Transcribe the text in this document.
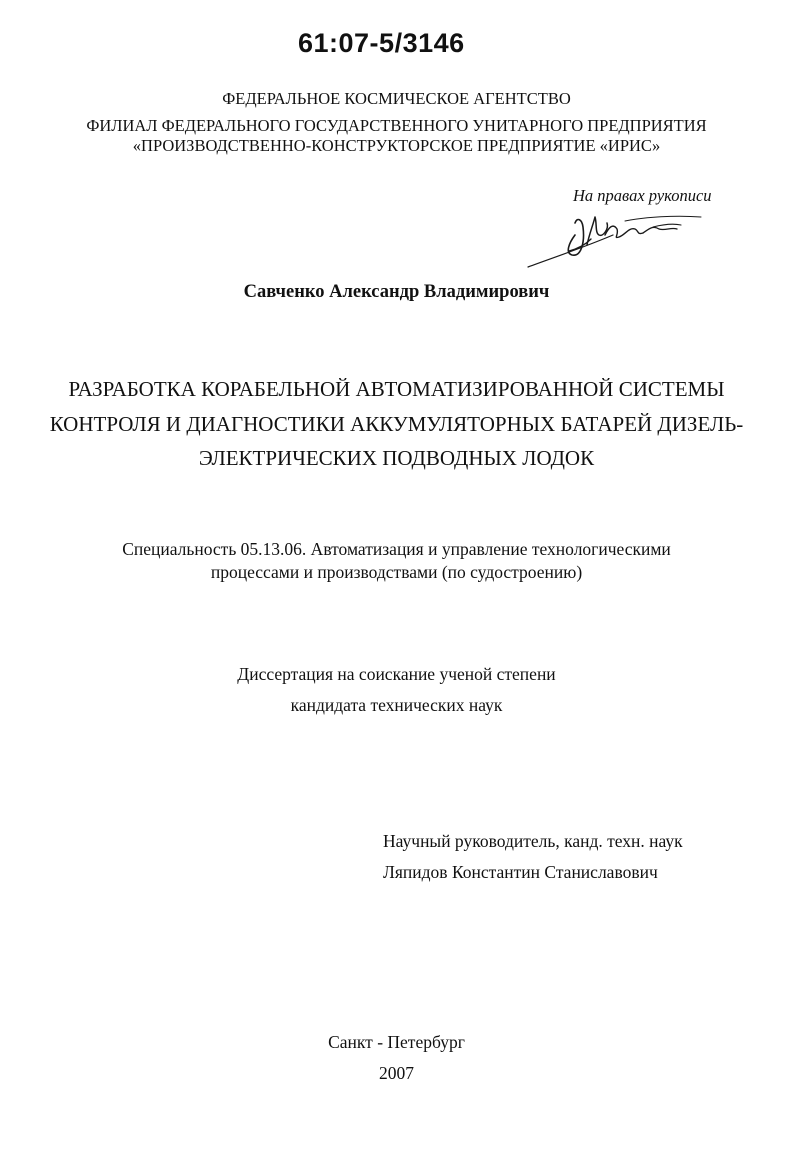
61:07-5/3146
ФЕДЕРАЛЬНОЕ КОСМИЧЕСКОЕ АГЕНТСТВО
ФИЛИАЛ ФЕДЕРАЛЬНОГО ГОСУДАРСТВЕННОГО УНИТАРНОГО ПРЕДПРИЯТИЯ
«ПРОИЗВОДСТВЕННО-КОНСТРУКТОРСКОЕ ПРЕДПРИЯТИЕ «ИРИС»
На правах рукописи
Савченко Александр Владимирович
РАЗРАБОТКА КОРАБЕЛЬНОЙ АВТОМАТИЗИРОВАННОЙ СИСТЕМЫ
КОНТРОЛЯ И ДИАГНОСТИКИ АККУМУЛЯТОРНЫХ БАТАРЕЙ ДИЗЕЛЬ-
ЭЛЕКТРИЧЕСКИХ ПОДВОДНЫХ ЛОДОК
Специальность 05.13.06. Автоматизация и управление технологическими
процессами и производствами (по судостроению)
Диссертация на соискание ученой степени
кандидата технических наук
Научный руководитель, канд. техн. наук
Ляпидов Константин Станиславович
Санкт - Петербург
2007
